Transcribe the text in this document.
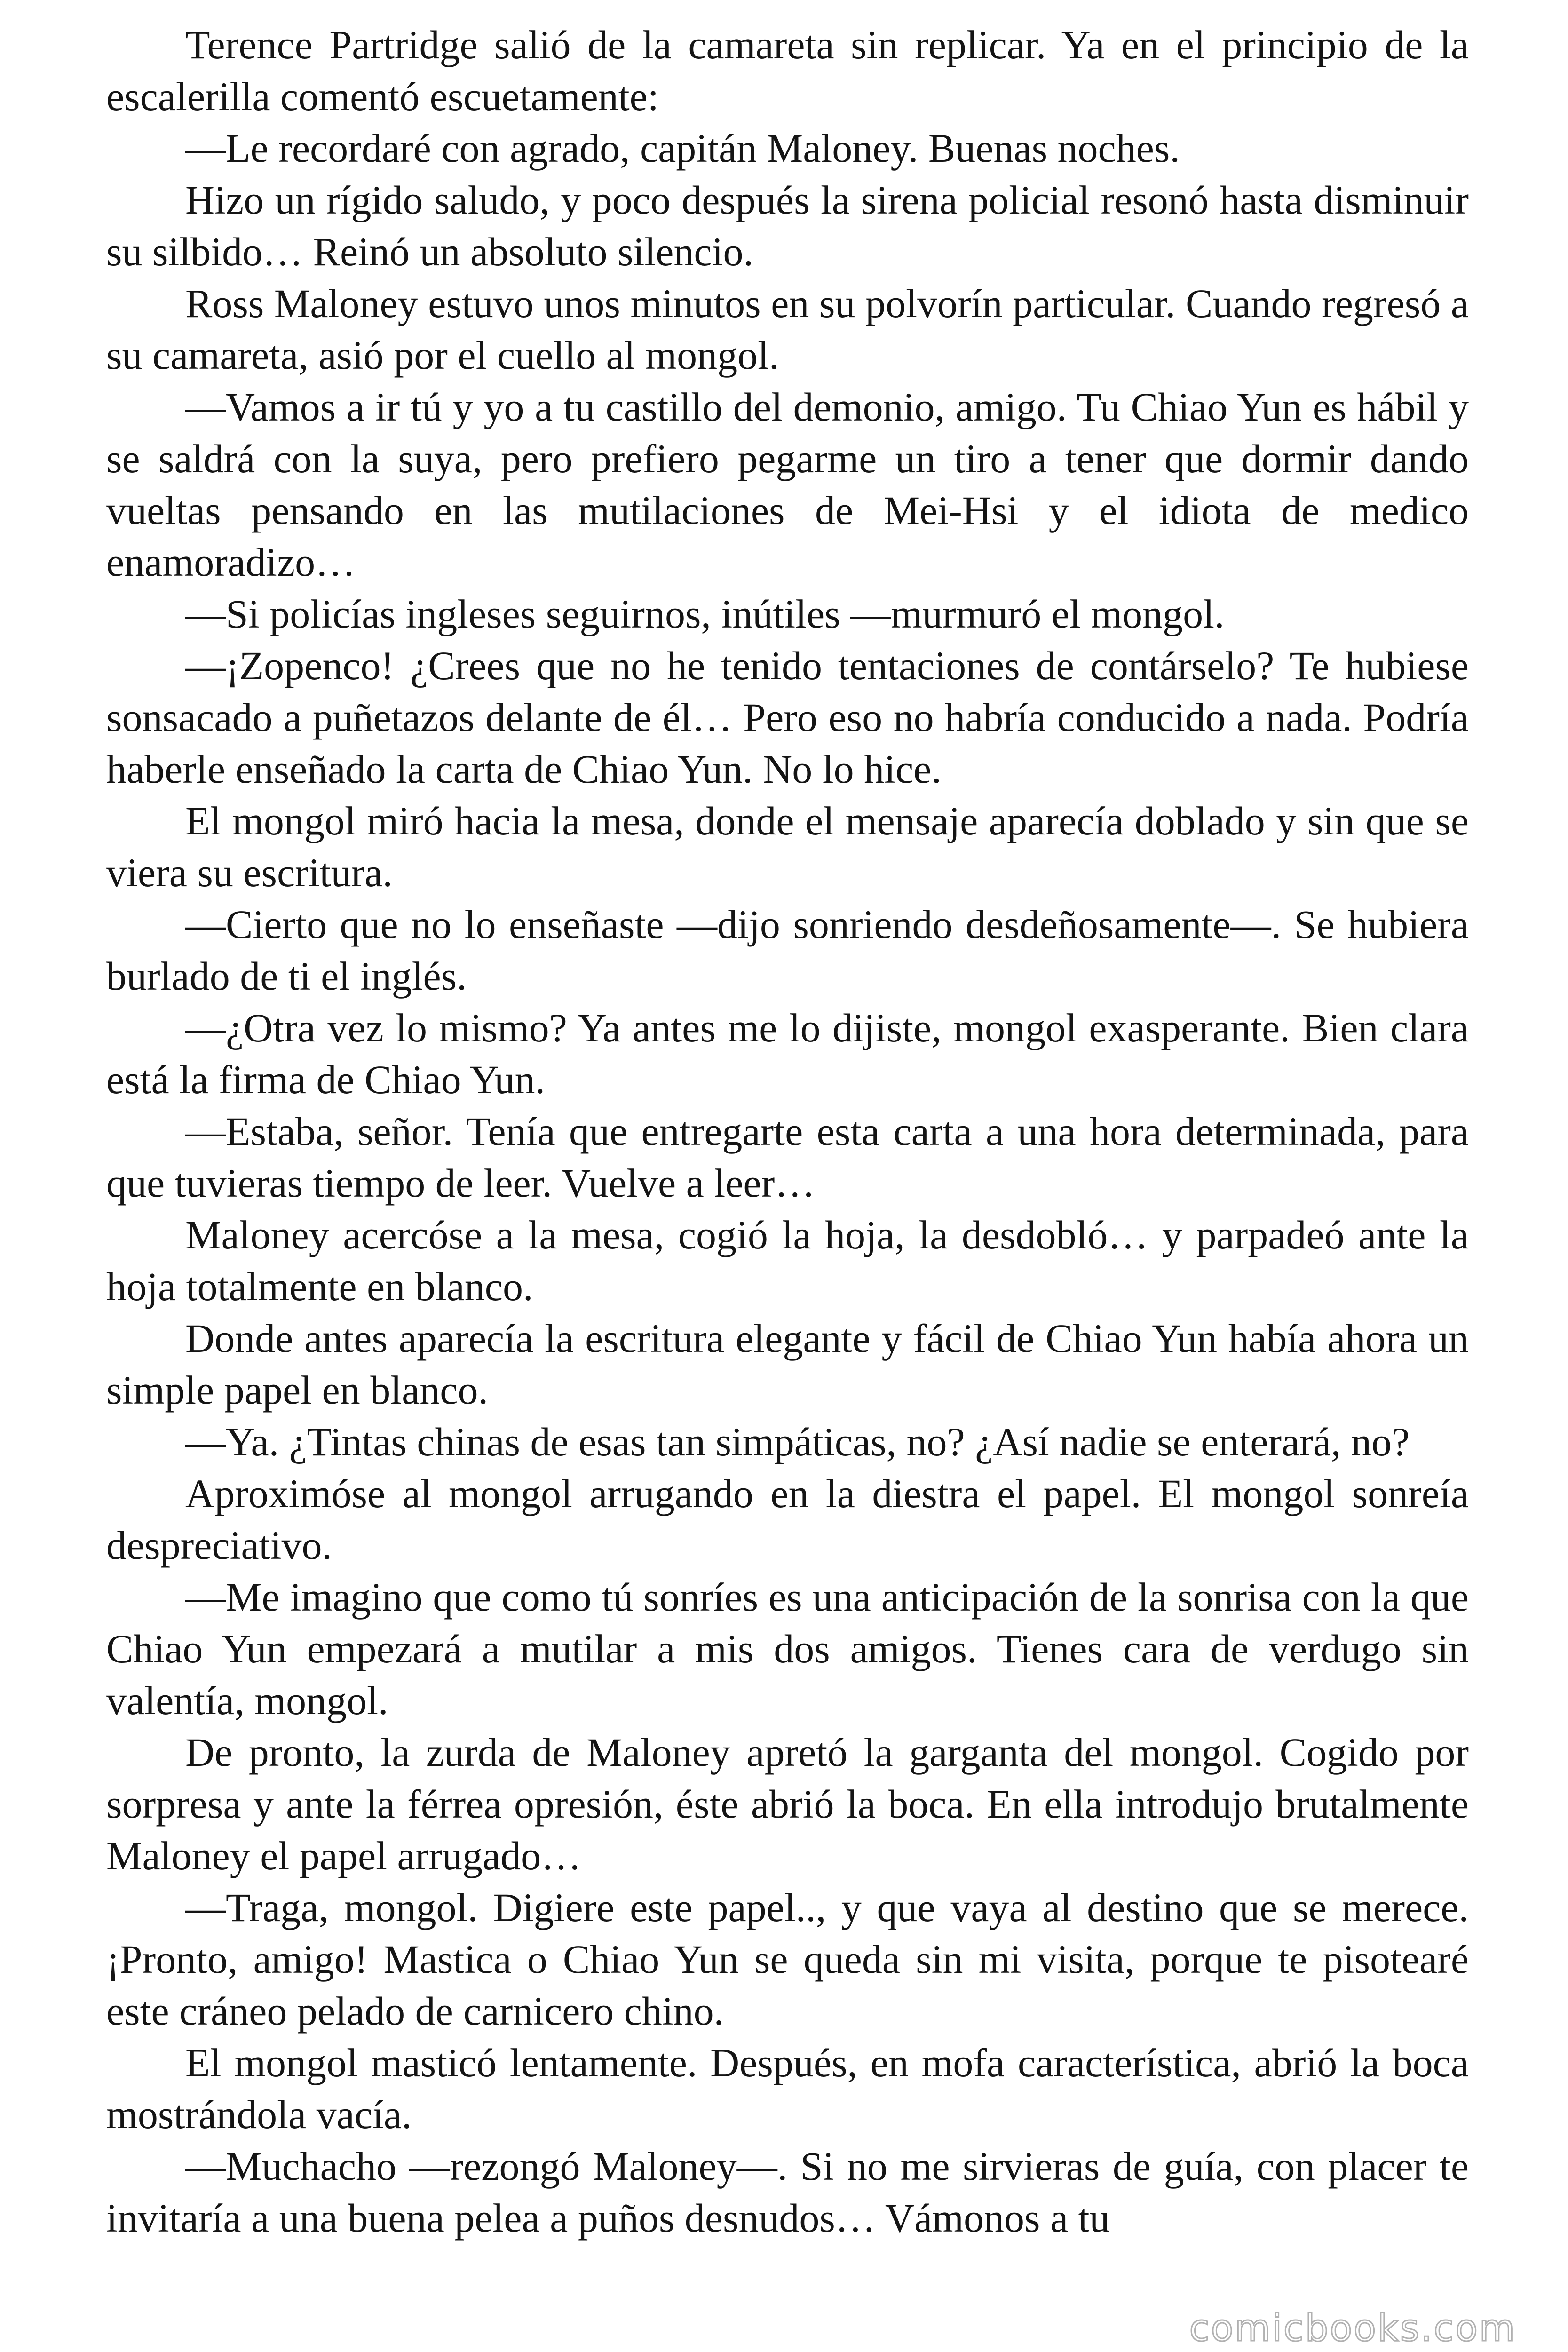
Terence Partridge salió de la camareta sin replicar. Ya en el principio de la escalerilla comentó escuetamente:

—Le recordaré con agrado, capitán Maloney. Buenas noches.

Hizo un rígido saludo, y poco después la sirena policial resonó hasta disminuir su silbido… Reinó un absoluto silencio.

Ross Maloney estuvo unos minutos en su polvorín particular. Cuando regresó a su camareta, asió por el cuello al mongol.

—Vamos a ir tú y yo a tu castillo del demonio, amigo. Tu Chiao Yun es hábil y se saldrá con la suya, pero prefiero pegarme un tiro a tener que dormir dando vueltas pensando en las mutilaciones de Mei-Hsi y el idiota de medico enamoradizo…

—Si policías ingleses seguirnos, inútiles —murmuró el mongol.

—¡Zopenco! ¿Crees que no he tenido tentaciones de contárselo? Te hubiese sonsacado a puñetazos delante de él… Pero eso no habría conducido a nada. Podría haberle enseñado la carta de Chiao Yun. No lo hice.

El mongol miró hacia la mesa, donde el mensaje aparecía doblado y sin que se viera su escritura.

—Cierto que no lo enseñaste —dijo sonriendo desdeñosamente—. Se hubiera burlado de ti el inglés.

—¿Otra vez lo mismo? Ya antes me lo dijiste, mongol exasperante. Bien clara está la firma de Chiao Yun.

—Estaba, señor. Tenía que entregarte esta carta a una hora determinada, para que tuvieras tiempo de leer. Vuelve a leer…

Maloney acercóse a la mesa, cogió la hoja, la desdobló… y parpadeó ante la hoja totalmente en blanco.

Donde antes aparecía la escritura elegante y fácil de Chiao Yun había ahora un simple papel en blanco.

—Ya. ¿Tintas chinas de esas tan simpáticas, no? ¿Así nadie se enterará, no?

Aproximóse al mongol arrugando en la diestra el papel. El mongol sonreía despreciativo.

—Me imagino que como tú sonríes es una anticipación de la sonrisa con la que Chiao Yun empezará a mutilar a mis dos amigos. Tienes cara de verdugo sin valentía, mongol.

De pronto, la zurda de Maloney apretó la garganta del mongol. Cogido por sorpresa y ante la férrea opresión, éste abrió la boca. En ella introdujo brutalmente Maloney el papel arrugado…

—Traga, mongol. Digiere este papel.., y que vaya al destino que se merece. ¡Pronto, amigo! Mastica o Chiao Yun se queda sin mi visita, porque te pisotearé este cráneo pelado de carnicero chino.

El mongol masticó lentamente. Después, en mofa característica, abrió la boca mostrándola vacía.

—Muchacho —rezongó Maloney—. Si no me sirvieras de guía, con placer te invitaría a una buena pelea a puños desnudos… Vámonos a tu

comicbooks.com
